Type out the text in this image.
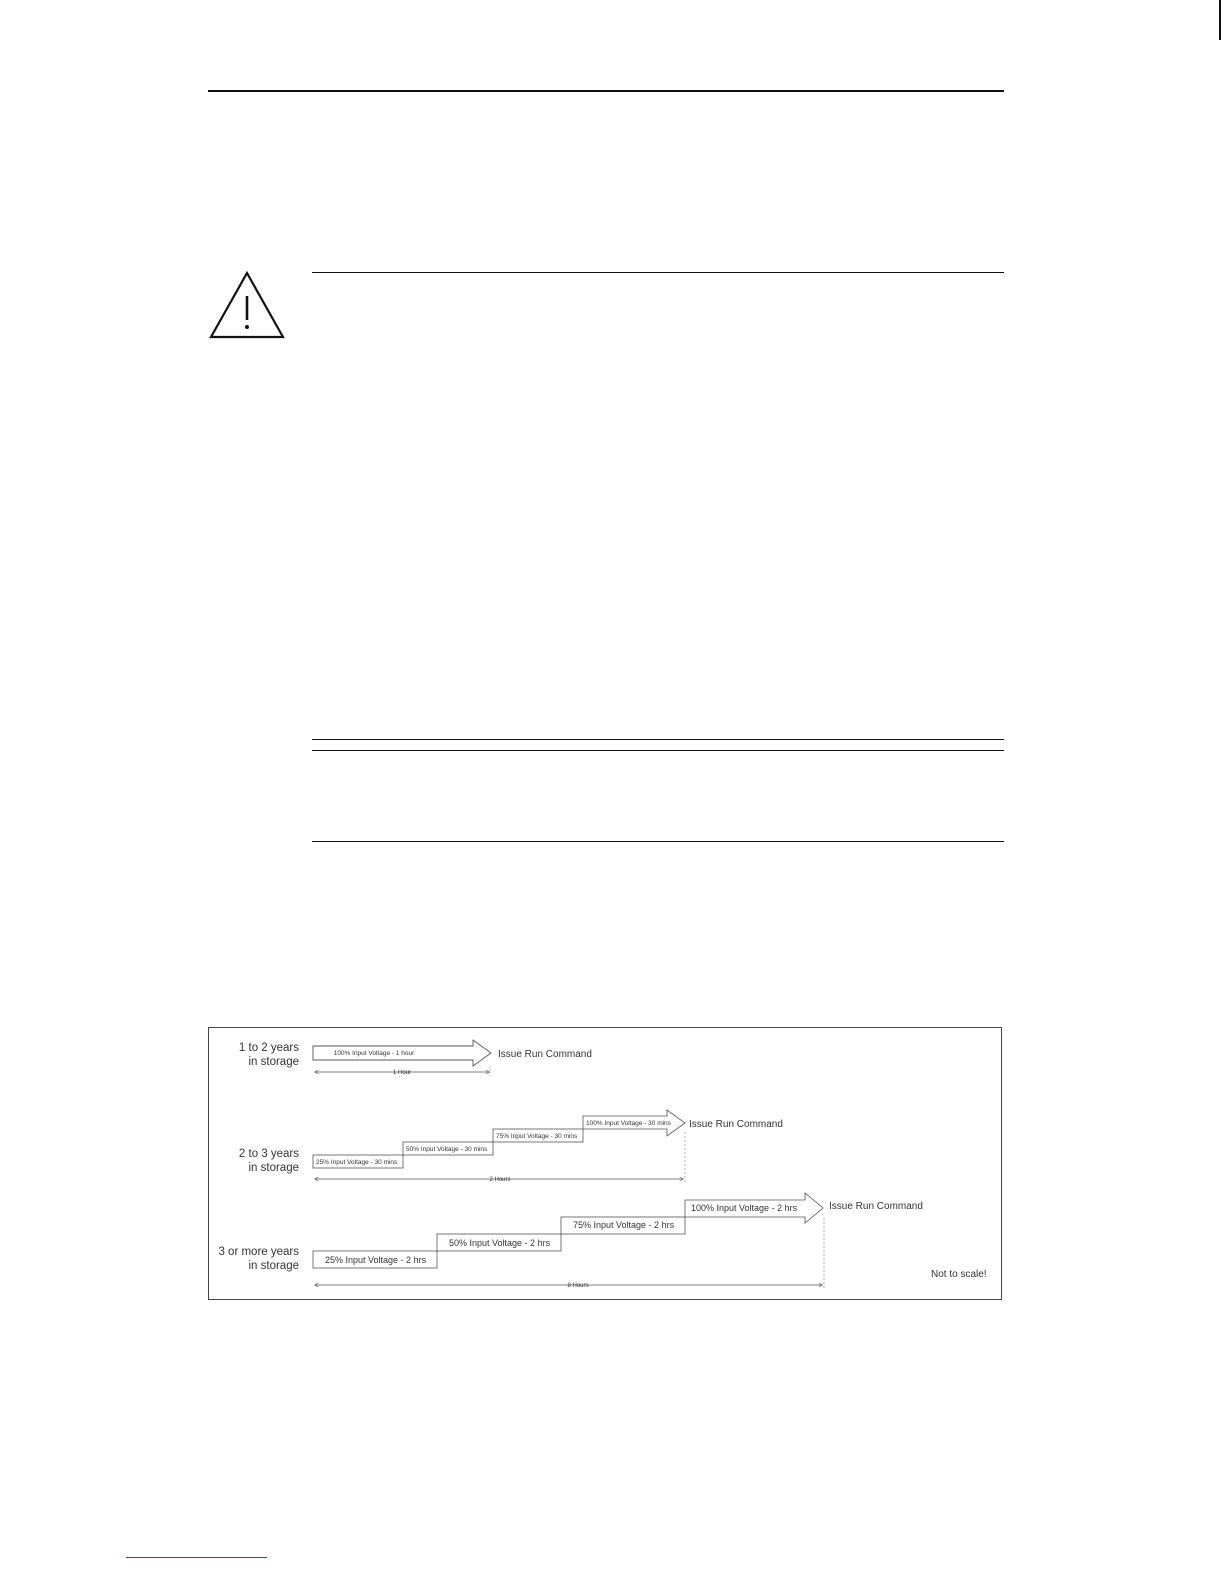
1 to 2 years
in storage
100% Input Voltage - 1 hour	Issue Run Command
1 Hour
2 to 3 years
in storage	25% Input Voltage - 30 mins
50% Input Voltage - 30 mins
75% Input Voltage - 30 mins
100% Input Voltage - 30 mins Issue Run Command
2 Hours
3 or more years
in storage	25% Input Voltage - 2 hrs
50% Input Voltage - 2 hrs
75% Input Voltage - 2 hrs
100% Input Voltage - 2 hrs	Issue Run Command
8 Hours
Not to scale!
